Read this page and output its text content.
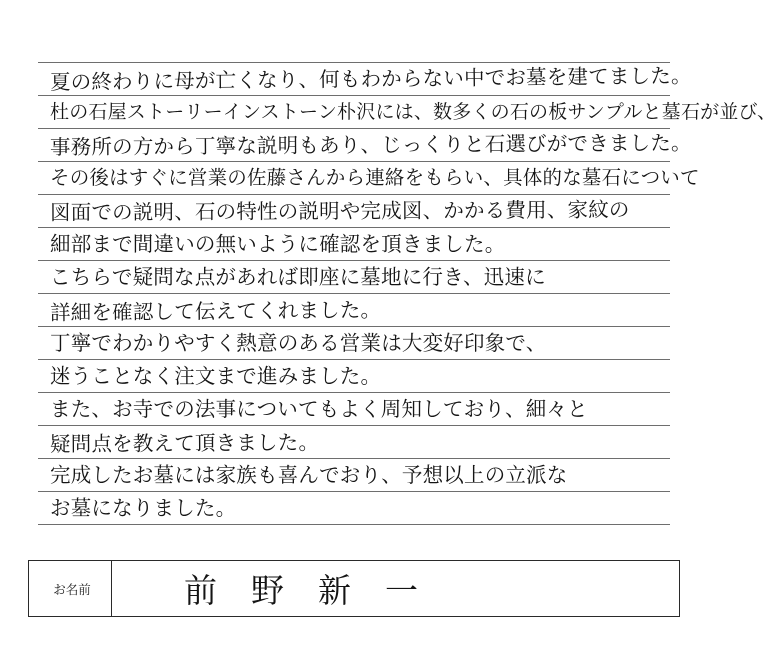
夏の終わりに母が亡くなり、何もわからない中でお墓を建てました。
杜の石屋ストーリーインストーン朴沢には、数多くの石の板サンプルと墓石が並び、
事務所の方から丁寧な説明もあり、じっくりと石選びができました。
その後はすぐに営業の佐藤さんから連絡をもらい、具体的な墓石について
図面での説明、石の特性の説明や完成図、かかる費用、家紋の
細部まで間違いの無いように確認を頂きました。
こちらで疑問な点があれば即座に墓地に行き、迅速に
詳細を確認して伝えてくれました。
丁寧でわかりやすく熱意のある営業は大変好印象で、
迷うことなく注文まで進みました。
また、お寺での法事についてもよく周知しており、細々と
疑問点を教えて頂きました。
完成したお墓には家族も喜んでおり、予想以上の立派な
お墓になりました。
お名前	前野新一
